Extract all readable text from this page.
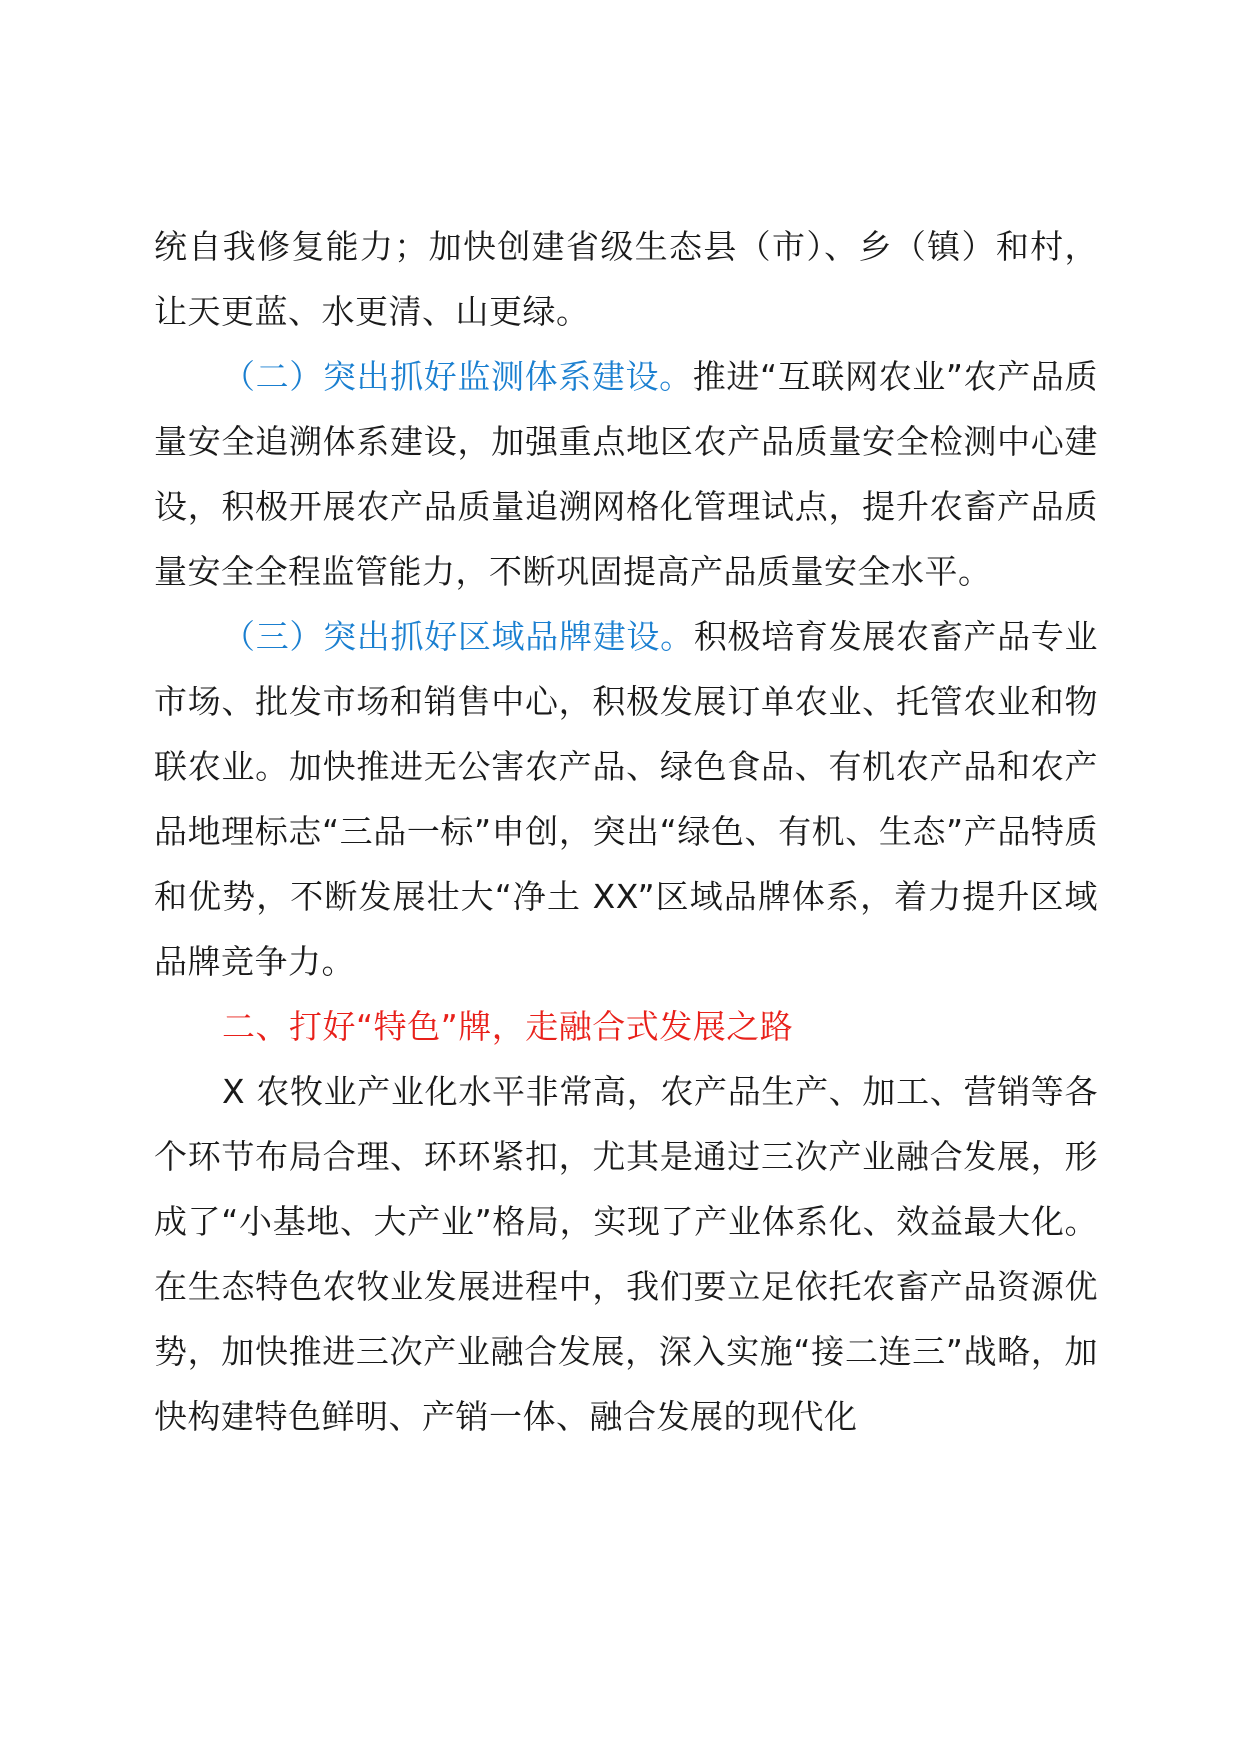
统自我修复能力；加快创建省级生态县（市）、乡（镇）和村，让天更蓝、水更清、山更绿。

（二）突出抓好监测体系建设。推进“互联网农业”农产品质量安全追溯体系建设，加强重点地区农产品质量安全检测中心建设，积极开展农产品质量追溯网格化管理试点，提升农畜产品质量安全全程监管能力，不断巩固提高产品质量安全水平。

（三）突出抓好区域品牌建设。积极培育发展农畜产品专业市场、批发市场和销售中心，积极发展订单农业、托管农业和物联农业。加快推进无公害农产品、绿色食品、有机农产品和农产品地理标志“三品一标”申创，突出“绿色、有机、生态”产品特质和优势，不断发展壮大“净土 XX”区域品牌体系，着力提升区域品牌竞争力。

二、打好“特色”牌，走融合式发展之路

X 农牧业产业化水平非常高，农产品生产、加工、营销等各个环节布局合理、环环紧扣，尤其是通过三次产业融合发展，形成了“小基地、大产业”格局，实现了产业体系化、效益最大化。在生态特色农牧业发展进程中，我们要立足依托农畜产品资源优势，加快推进三次产业融合发展，深入实施“接二连三”战略，加快构建特色鲜明、产销一体、融合发展的现代化
